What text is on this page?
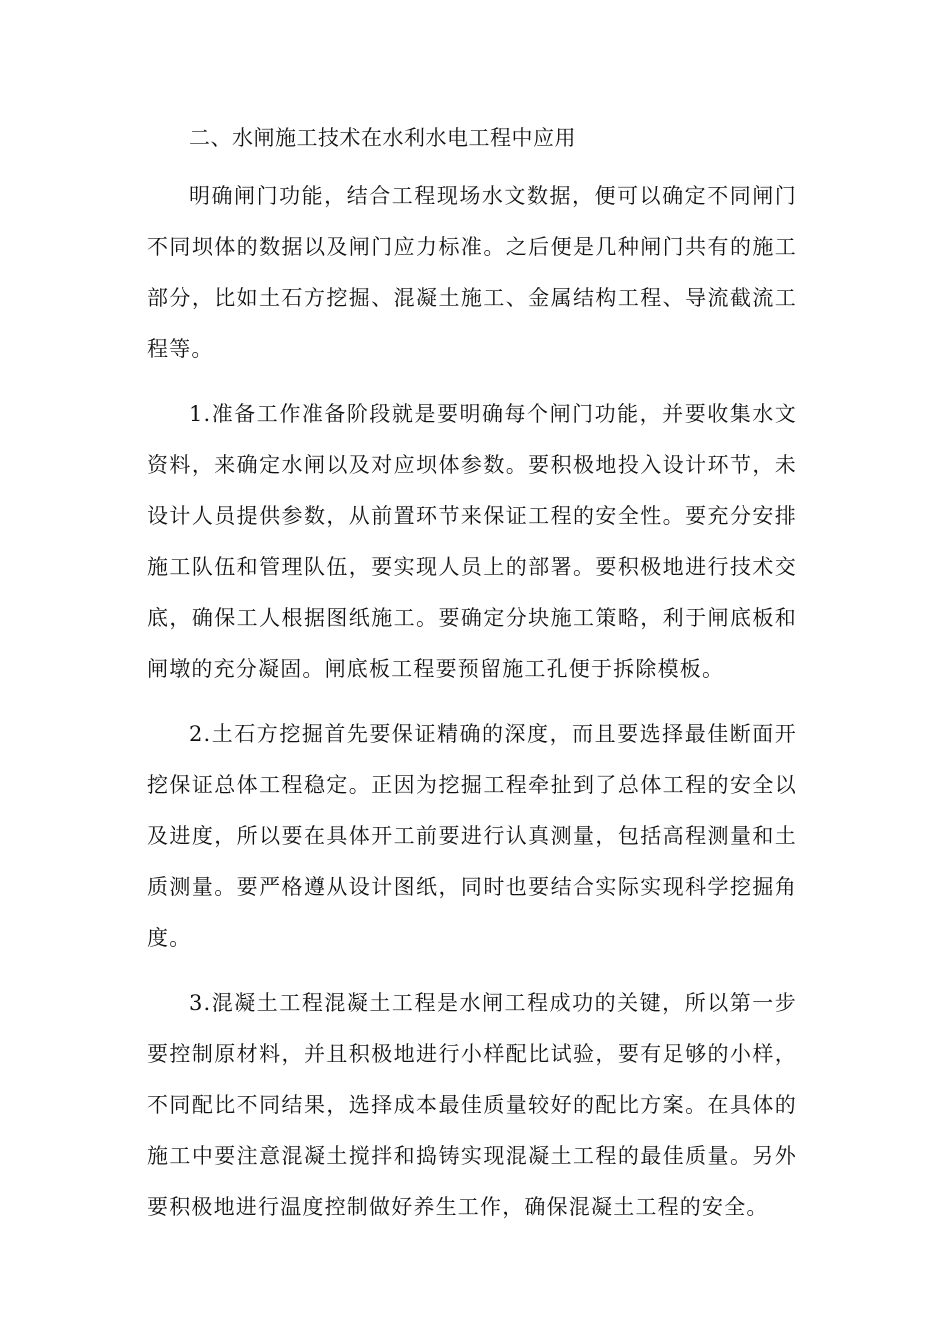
二、水闸施工技术在水利水电工程中应用

明确闸门功能，结合工程现场水文数据，便可以确定不同闸门不同坝体的数据以及闸门应力标准。之后便是几种闸门共有的施工部分，比如土石方挖掘、混凝土施工、金属结构工程、导流截流工程等。

1.准备工作准备阶段就是要明确每个闸门功能，并要收集水文资料，来确定水闸以及对应坝体参数。要积极地投入设计环节，未设计人员提供参数，从前置环节来保证工程的安全性。要充分安排施工队伍和管理队伍，要实现人员上的部署。要积极地进行技术交底，确保工人根据图纸施工。要确定分块施工策略，利于闸底板和闸墩的充分凝固。闸底板工程要预留施工孔便于拆除模板。

2.土石方挖掘首先要保证精确的深度，而且要选择最佳断面开挖保证总体工程稳定。正因为挖掘工程牵扯到了总体工程的安全以及进度，所以要在具体开工前要进行认真测量，包括高程测量和土质测量。要严格遵从设计图纸，同时也要结合实际实现科学挖掘角度。

3.混凝土工程混凝土工程是水闸工程成功的关键，所以第一步要控制原材料，并且积极地进行小样配比试验，要有足够的小样，不同配比不同结果，选择成本最佳质量较好的配比方案。在具体的施工中要注意混凝土搅拌和捣铸实现混凝土工程的最佳质量。另外要积极地进行温度控制做好养生工作，确保混凝土工程的安全。
